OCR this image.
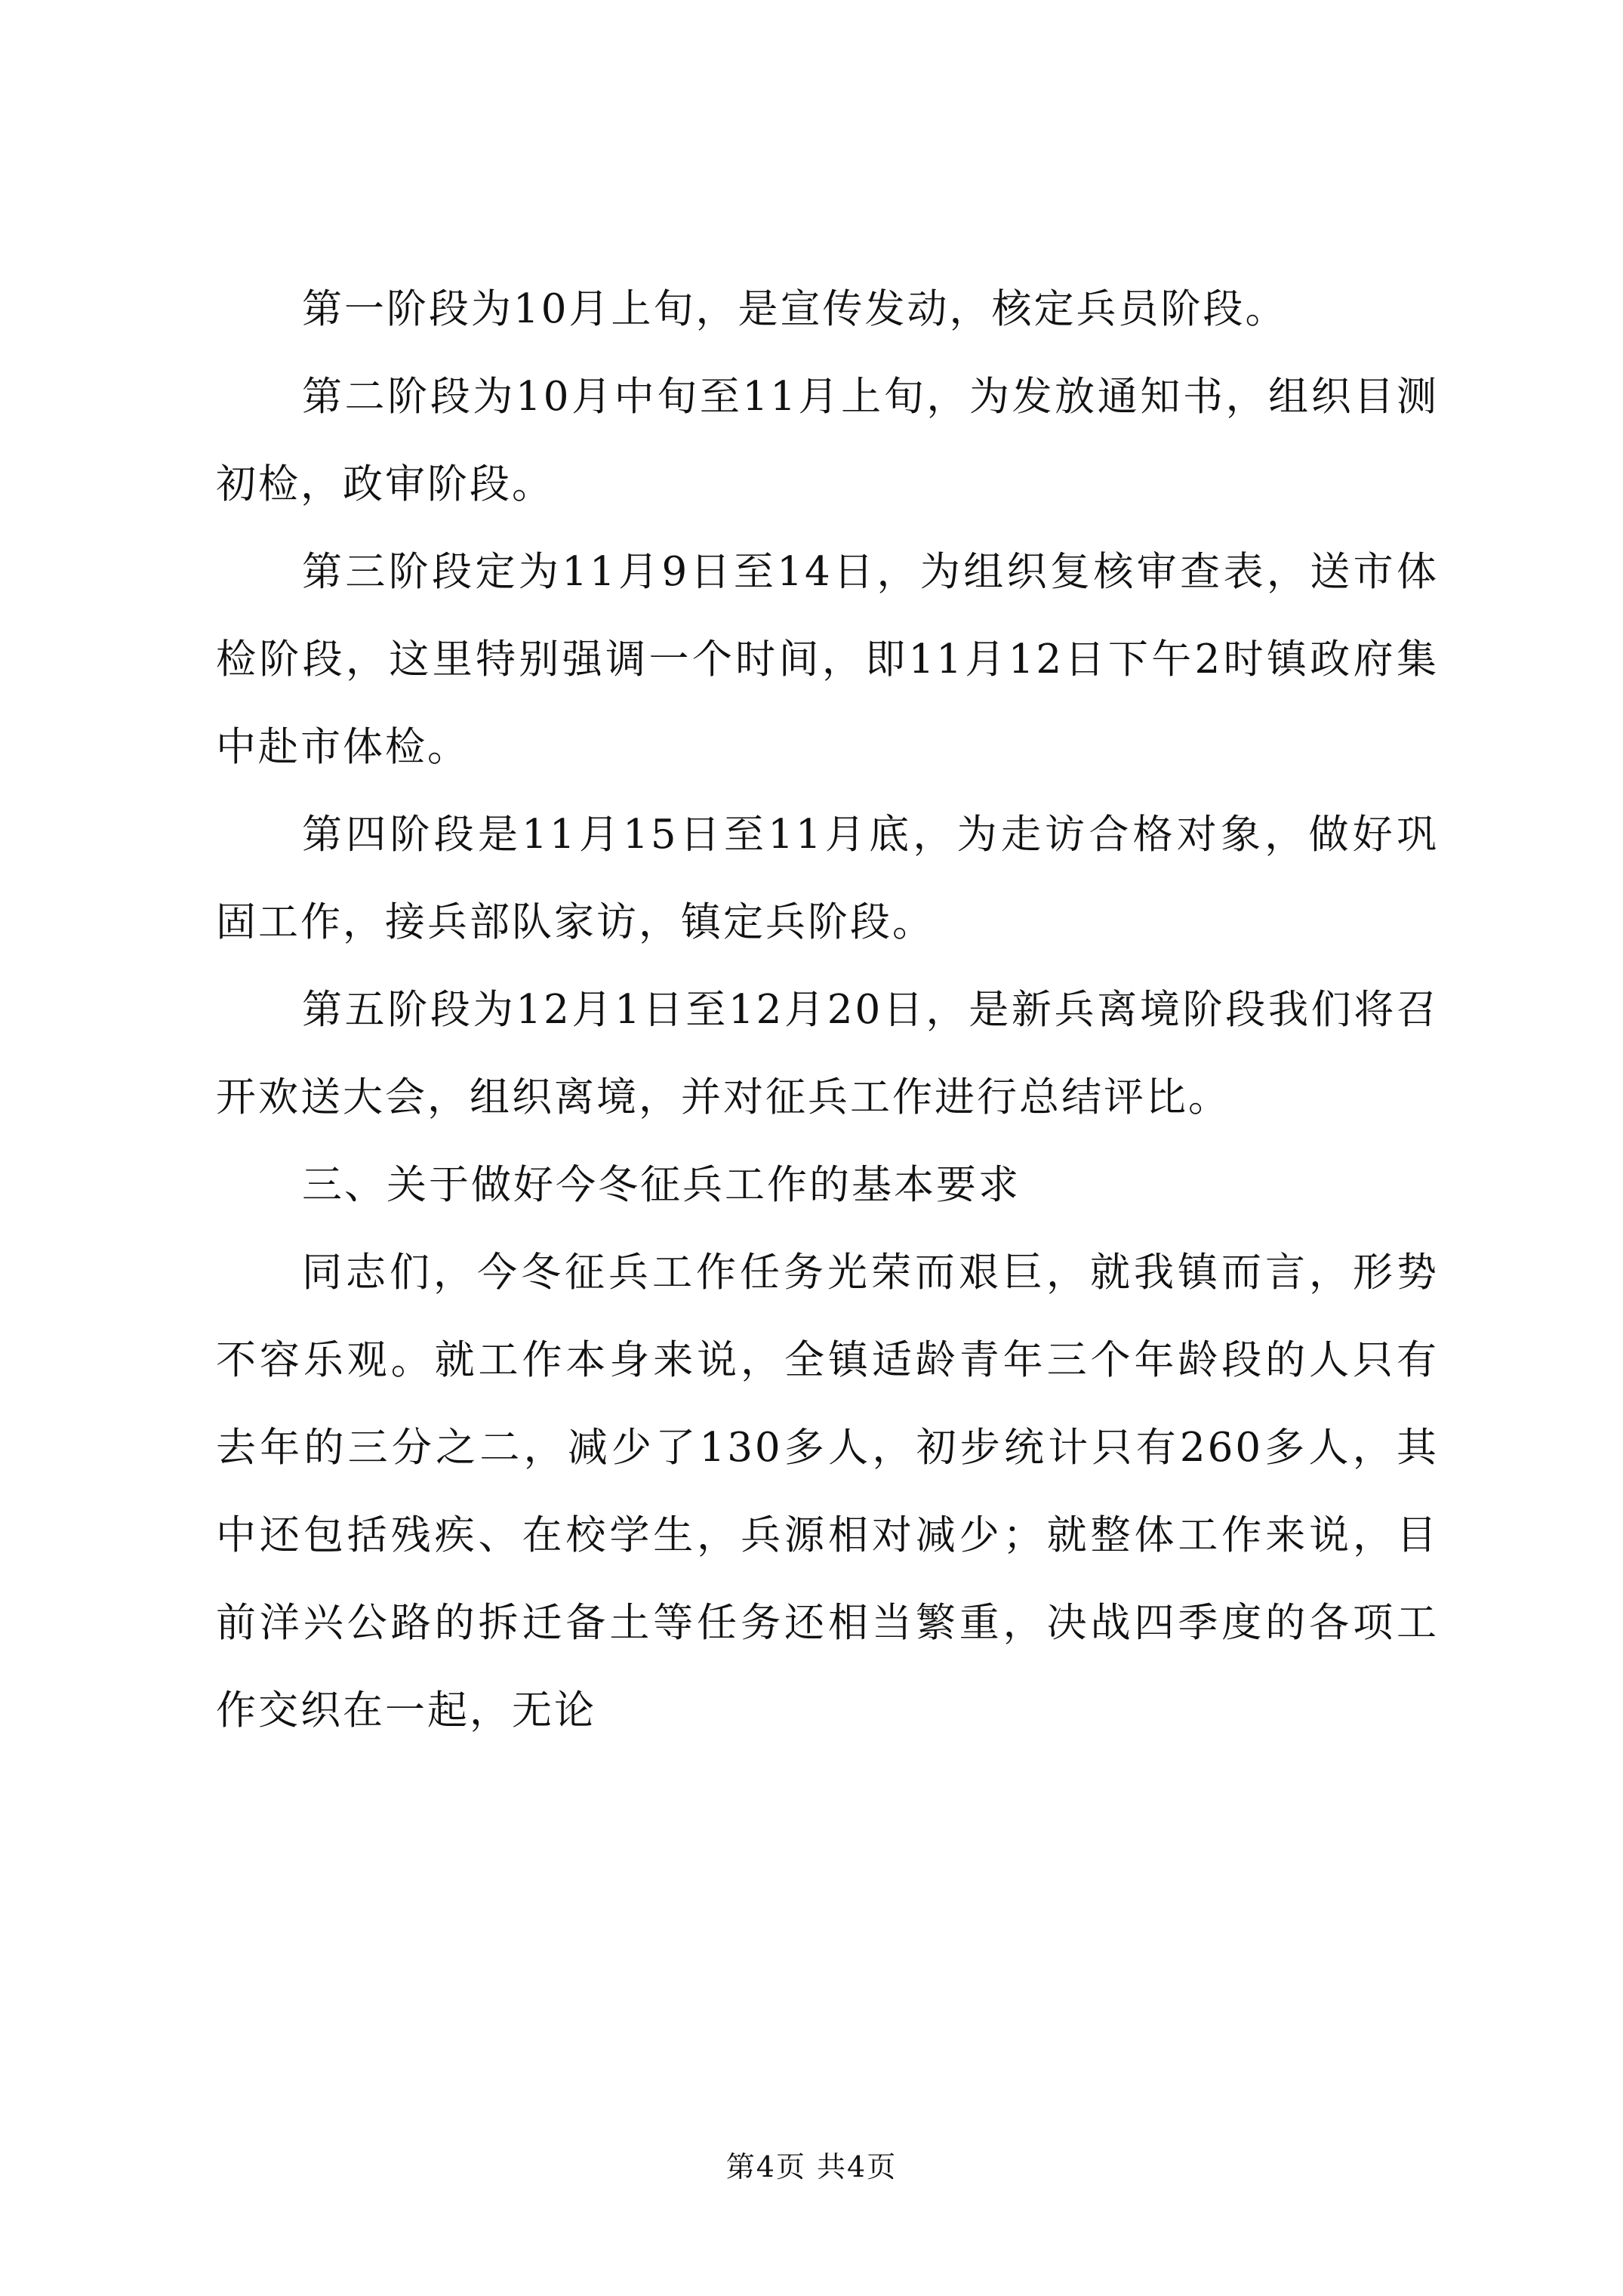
第一阶段为10月上旬，是宣传发动，核定兵员阶段。

第二阶段为10月中旬至11月上旬，为发放通知书，组织目测初检，政审阶段。

第三阶段定为11月9日至14日，为组织复核审查表，送市体检阶段，这里特别强调一个时间，即11月12日下午2时镇政府集中赴市体检。

第四阶段是11月15日至11月底，为走访合格对象，做好巩固工作，接兵部队家访，镇定兵阶段。

第五阶段为12月1日至12月20日，是新兵离境阶段我们将召开欢送大会，组织离境，并对征兵工作进行总结评比。

三、关于做好今冬征兵工作的基本要求

同志们，今冬征兵工作任务光荣而艰巨，就我镇而言，形势不容乐观。就工作本身来说，全镇适龄青年三个年龄段的人只有去年的三分之二，减少了130多人，初步统计只有260多人，其中还包括残疾、在校学生，兵源相对减少；就整体工作来说，目前洋兴公路的拆迁备土等任务还相当繁重，决战四季度的各项工作交织在一起，无论

第4页 共4页
